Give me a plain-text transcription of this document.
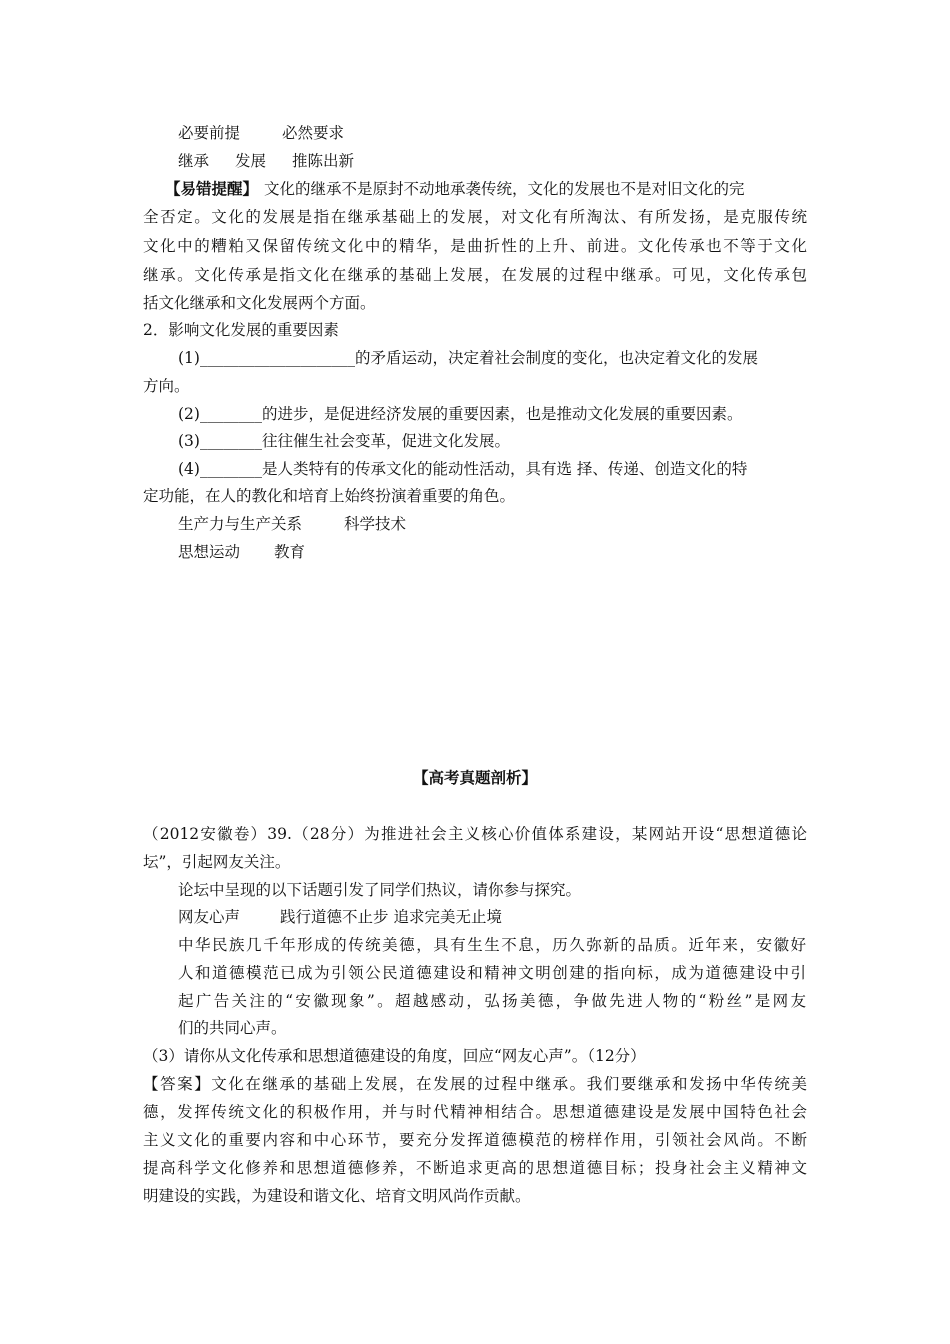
必要前提	必然要求
继承 发展 推陈出新
【易错提醒】 文化的继承不是原封不动地承袭传统，文化的发展也不是对旧文化的完
全否定。文化的发展是指在继承基础上的发展，对文化有所淘汰、有所发扬，是克服传统
文化中的糟粕又保留传统文化中的精华，是曲折性的上升、前进。文化传承也不等于文化
继承。文化传承是指文化在继承的基础上发展，在发展的过程中继承。可见，文化传承包
括文化继承和文化发展两个方面。
2．影响文化发展的重要因素
(1)____________________的矛盾运动，决定着社会制度的变化，也决定着文化的发展
方向。
(2)________的进步，是促进经济发展的重要因素，也是推动文化发展的重要因素。
(3)________往往催生社会变革，促进文化发展。
(4)________是人类特有的传承文化的能动性活动，具有选 择、传递、创造文化的特
定功能，在人的教化和培育上始终扮演着重要的角色。
生产力与生产关系	科学技术
思想运动 教育
【高考真题剖析】
（2012安徽卷）39.（28分）为推进社会主义核心价值体系建设，某网站开设“思想道德论
坛”，引起网友关注。
论坛中呈现的以下话题引发了同学们热议，请你参与探究。
网友心声	践行道德不止步 追求完美无止境
中华民族几千年形成的传统美德，具有生生不息，历久弥新的品质。近年来，安徽好
人和道德模范已成为引领公民道德建设和精神文明创建的指向标，成为道德建设中引
起广告关注的“安徽现象”。超越感动，弘扬美德，争做先进人物的“粉丝”是网友
们的共同心声。
（3）请你从文化传承和思想道德建设的角度，回应“网友心声”。（12分）
【答案】文化在继承的基础上发展，在发展的过程中继承。我们要继承和发扬中华传统美
德，发挥传统文化的积极作用，并与时代精神相结合。思想道德建设是发展中国特色社会
主义文化的重要内容和中心环节，要充分发挥道德模范的榜样作用，引领社会风尚。不断
提高科学文化修养和思想道德修养，不断追求更高的思想道德目标；投身社会主义精神文
明建设的实践，为建设和谐文化、培育文明风尚作贡献。
